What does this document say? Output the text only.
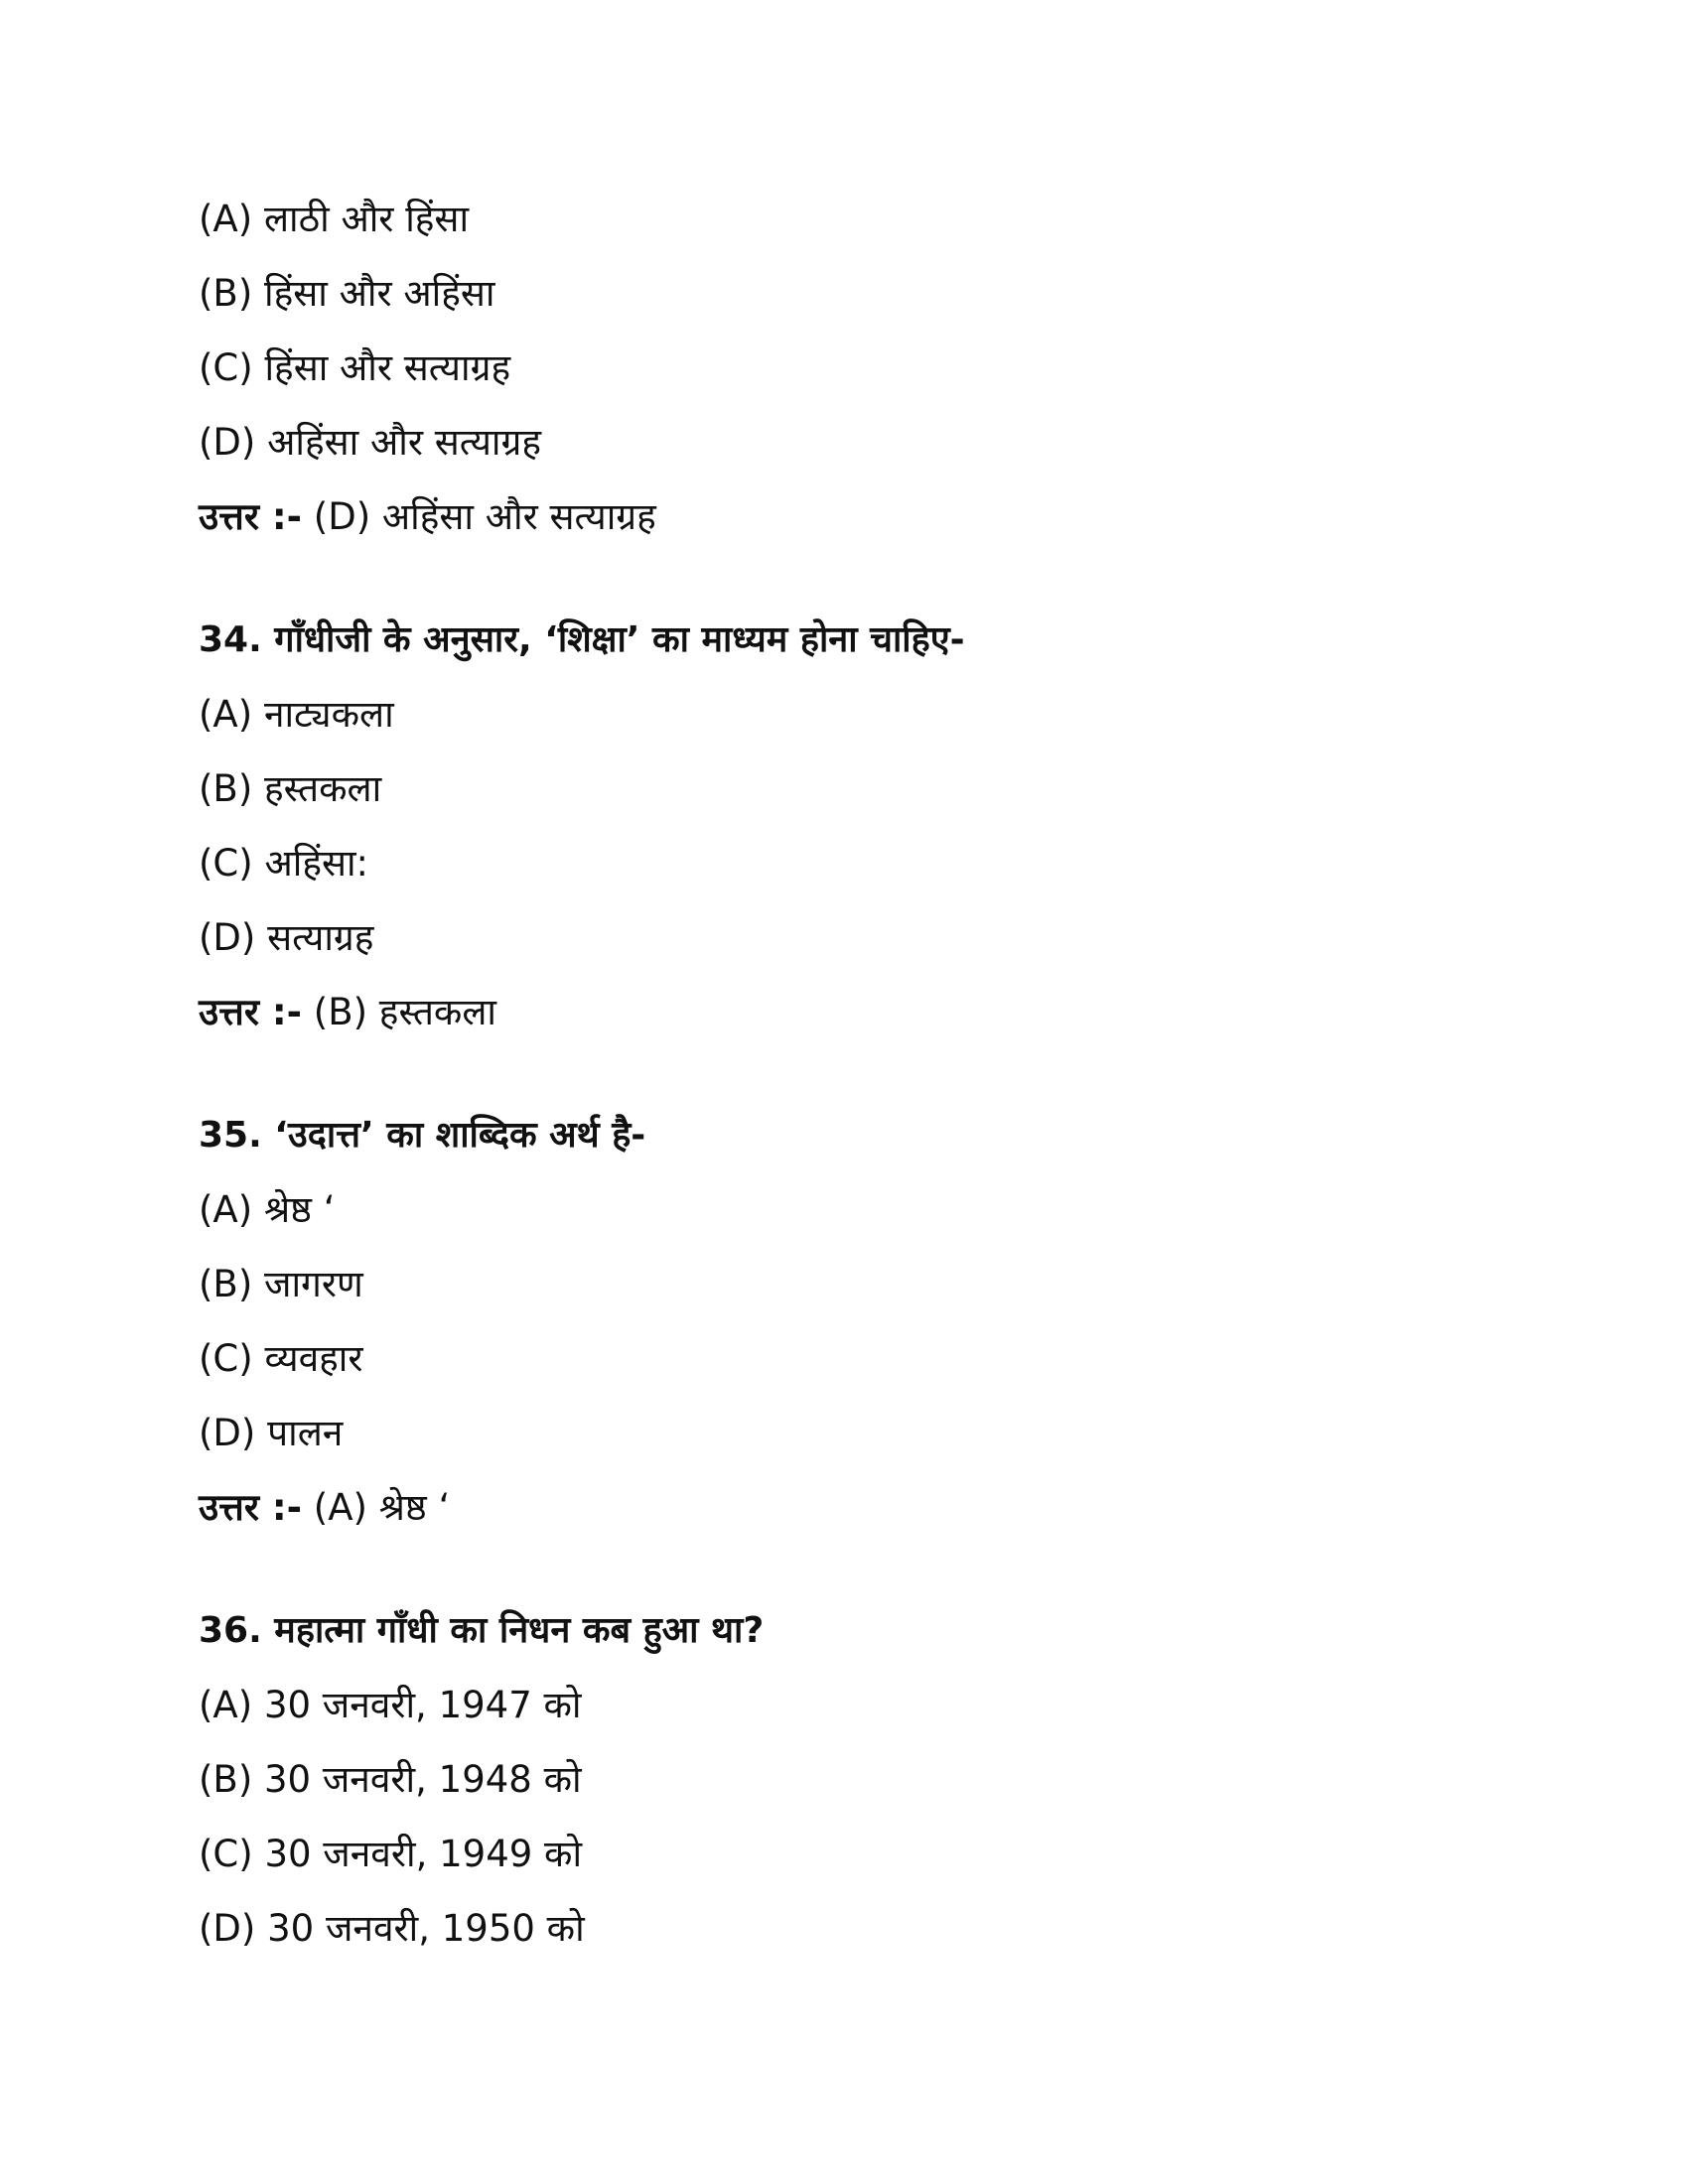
(A) लाठी और हिंसा
(B) हिंसा और अहिंसा
(C) हिंसा और सत्याग्रह
(D) अहिंसा और सत्याग्रह
उत्तर :- (D) अहिंसा और सत्याग्रह
34. गाँधीजी के अनुसार, ‘शिक्षा’ का माध्यम होना चाहिए-
(A) नाट्यकला
(B) हस्तकला
(C) अहिंसा:
(D) सत्याग्रह
उत्तर :- (B) हस्तकला
35. ‘उदात्त’ का शाब्दिक अर्थ है-
(A) श्रेष्ठ ‘
(B) जागरण
(C) व्यवहार
(D) पालन
उत्तर :- (A) श्रेष्ठ ‘
36. महात्मा गाँधी का निधन कब हुआ था?
(A) 30 जनवरी, 1947 को
(B) 30 जनवरी, 1948 को
(C) 30 जनवरी, 1949 को
(D) 30 जनवरी, 1950 को
